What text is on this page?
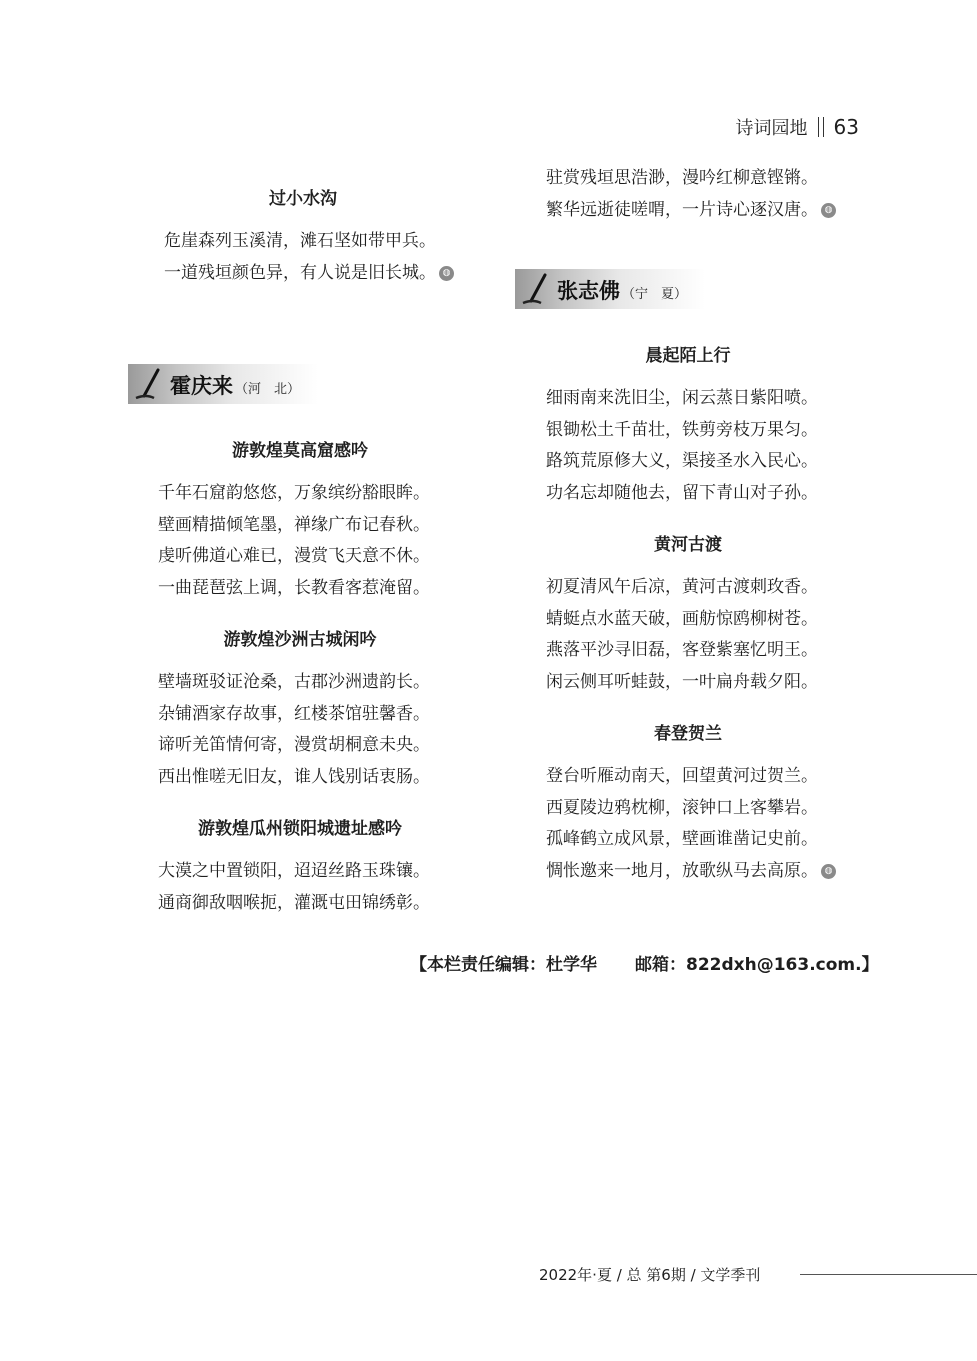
诗词园地 63
过小水沟
危崖森列玉溪清，滩石坚如带甲兵。
一道残垣颜色异，有人说是旧长城。 ◍
霍庆来 （河　北）
游敦煌莫高窟感吟
千年石窟韵悠悠，万象缤纷豁眼眸。
壁画精描倾笔墨，禅缘广布记春秋。
虔听佛道心难已，漫赏飞天意不休。
一曲琵琶弦上调，长教看客惹淹留。
游敦煌沙洲古城闲吟
壁墙斑驳证沧桑，古郡沙洲遗韵长。
杂铺酒家存故事，红楼茶馆驻馨香。
谛听羌笛情何寄，漫赏胡桐意未央。
西出惟嗟无旧友，谁人饯别话衷肠。
游敦煌瓜州锁阳城遗址感吟
大漠之中置锁阳，迢迢丝路玉珠镶。
通商御敌咽喉扼，灌溉屯田锦绣彰。
驻赏残垣思浩渺，漫吟红柳意铿锵。
繁华远逝徒嗟喟，一片诗心逐汉唐。 ◍
张志佛 （宁　夏）
晨起陌上行
细雨南来洗旧尘，闲云蒸日紫阳喷。
银锄松土千苗壮，铁剪旁枝万果匀。
路筑荒原修大义，渠接圣水入民心。
功名忘却随他去，留下青山对子孙。
黄河古渡
初夏清风午后凉，黄河古渡刺玫香。
蜻蜓点水蓝天破，画舫惊鸥柳树苍。
燕落平沙寻旧磊，客登紫塞忆明王。
闲云侧耳听蛙鼓，一叶扁舟载夕阳。
春登贺兰
登台听雁动南天，回望黄河过贺兰。
西夏陵边鸦枕柳，滚钟口上客攀岩。
孤峰鹤立成风景，壁画谁凿记史前。
惆怅邀来一地月，放歌纵马去高原。 ◍
【本栏责任编辑：杜学华 邮箱：822dxh@163.com.】
2022年·夏 / 总 第6期 / 文学季刊
